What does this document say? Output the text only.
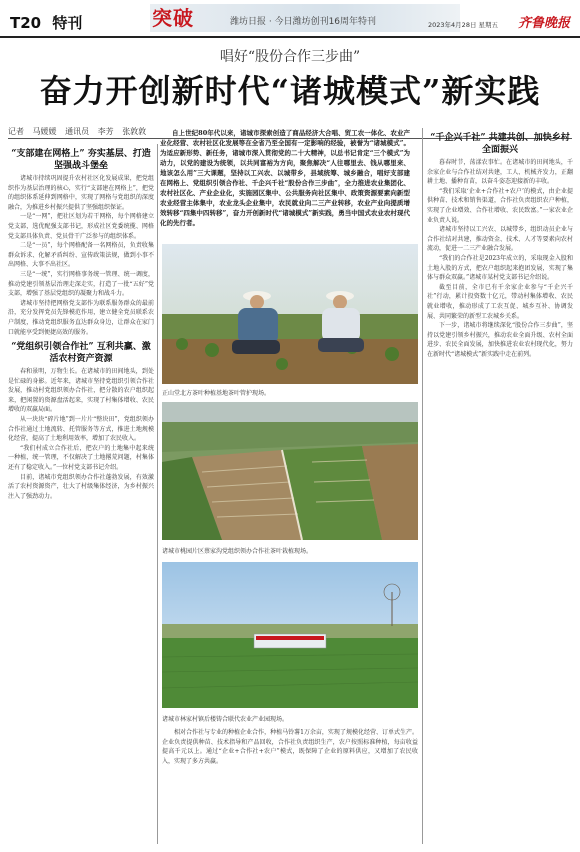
T20 特刊	突破	潍坊日报 · 今日潍坊创刊16周年特刊	2023年4月28日 星期五 齐鲁晚报
唱好“股份合作三步曲”
奋力开创新时代“诸城模式”新实践
记者 马媛媛 通讯员 李芳 张敦敦
“支部建在网格上” 夯实基层、打造坚强战斗堡垒

诸城市持续巩固提升农村社区化发展成果，把党组织作为基层治理的核心，实行“支部建在网格上”，把党的组织体系延伸到网格中，实现了网格与党组织的深度融合，为推进乡村振兴提供了坚强组织保证。

一是“一网”，把社区划为若干网格，每个网格建立党支部，选优配强支部书记，形成社区党委统揽、网格党支部具体负责、党员骨干广泛参与的组织体系。

二是“一员”，每个网格配备一名网格员，负责收集群众诉求、化解矛盾纠纷、宣传政策法规，做到小事不出网格、大事不出社区。

三是“一统”，实行网格事务统一管理、统一调度，推动党建引领基层治理走深走实，打造了一批“五好”党支部，增强了基层党组织的凝聚力和战斗力。

诸城市坚持把网格党支部作为联系服务群众的最前沿，充分发挥党员先锋模范作用，建立健全党员联系农户制度，推动党组织服务直达群众身边，让群众在家门口就能享受到便捷高效的服务。

“党组织引领合作社” 互利共赢、激活农村资产资源

春和景明，万物生长。在诸城市的田间地头，到处是忙碌的身影。近年来，诸城市坚持党组织引领合作社发展，推动村党组织领办合作社，把分散的农户组织起来，把闲置的资源盘活起来，实现了村集体增收、农民增收的双赢局面。

从一块块“碎片地”到一片片“整块田”，党组织领办合作社通过土地流转、托管服务等方式，推进土地规模化经营，提高了土地利用效率，增加了农民收入。

“我们村成立合作社后，把农户的土地集中起来统一种植，统一管理，不仅解决了土地撂荒问题，村集体还有了稳定收入。”一位村党支部书记介绍。

目前，诸城市党组织领办合作社蓬勃发展，有效激活了农村资源资产，壮大了村级集体经济，为乡村振兴注入了强劲动力。

自上世纪80年代以来，诸城市探索创造了商品经济大合唱、贸工农一体化、农业产业化经营、农村社区化发展等在全省乃至全国有一定影响的经验，被誉为“诸城模式”。为适应新形势、新任务，诸城市深入贯彻党的二十大精神，以总书记肯定“三个模式”为动力，以党的建设为统领，以共同富裕为方向，聚焦解决“人往哪里去、钱从哪里来、地该怎么用”三大课题，坚持以工兴农、以城带乡，县域统筹、城乡融合，唱好支部建在网格上、党组织引领合作社、千企兴千社“股份合作三步曲”，全力推进农业集团化、农村社区化、产业企业化，实施园区集中、公共服务向社区集中、政策资源要素向新型农业经营主体集中，农业龙头企业集中，农民就业向二三产业转移，农业产业向提质增效转移“四集中四转移”，奋力开创新时代“诸城模式”新实践，勇当中国式农业农村现代化的先行者。

正山堂北方茶叶种植基地茶叶管护现场。
诸城市桃园片区蔡家沟党组织领办合作社茶叶栽植现场。
诸城市林家村镇后楼铸合联代农业产业园现场。

相对合作社与专业的种植企业合作，种植马铃薯1万余亩，实现了规模化经营、订单式生产。企业负责提供种苗、技术指导和产品回收，合作社负责组织生产，农户按照标准种植，每亩收益提高千元以上。通过“企业+合作社+农户”模式，既保障了企业的原料供应，又增加了农民收入，实现了多方共赢。

“千企兴千社” 共建共创、加快乡村全面振兴

暮春时节，荡漾农事忙。在诸城市的田间地头，千余家企业与合作社结对共建，工人、机械齐发力，正翻耕土地、播种育苗，以奋斗姿态迎接新的丰收。

“我们采取‘企业+合作社+农户’的模式，由企业提供种苗、技术和销售渠道，合作社负责组织农户种植，实现了企业增效、合作社增收、农民致富。”一家农业企业负责人说。

诸城市坚持以工兴农、以城带乡，组织动员企业与合作社结对共建，推动资金、技术、人才等要素向农村流动，促进一二三产业融合发展。

“我们的合作社是2023年成立的，采取现金入股和土地入股的方式，把农户组织起来抱团发展，实现了集体与群众双赢。”诸城市某村党支部书记介绍说。

截至目前，全市已有千余家企业参与“千企兴千社”行动，累计投资数十亿元，带动村集体增收、农民就业增收，推动形成了工农互促、城乡互补、协调发展、共同繁荣的新型工农城乡关系。

下一步，诸城市将继续深化“股份合作三步曲”，坚持以党建引领乡村振兴，推动农业全面升级、农村全面进步、农民全面发展，加快推进农业农村现代化，努力在新时代“诸城模式”新实践中走在前列。
